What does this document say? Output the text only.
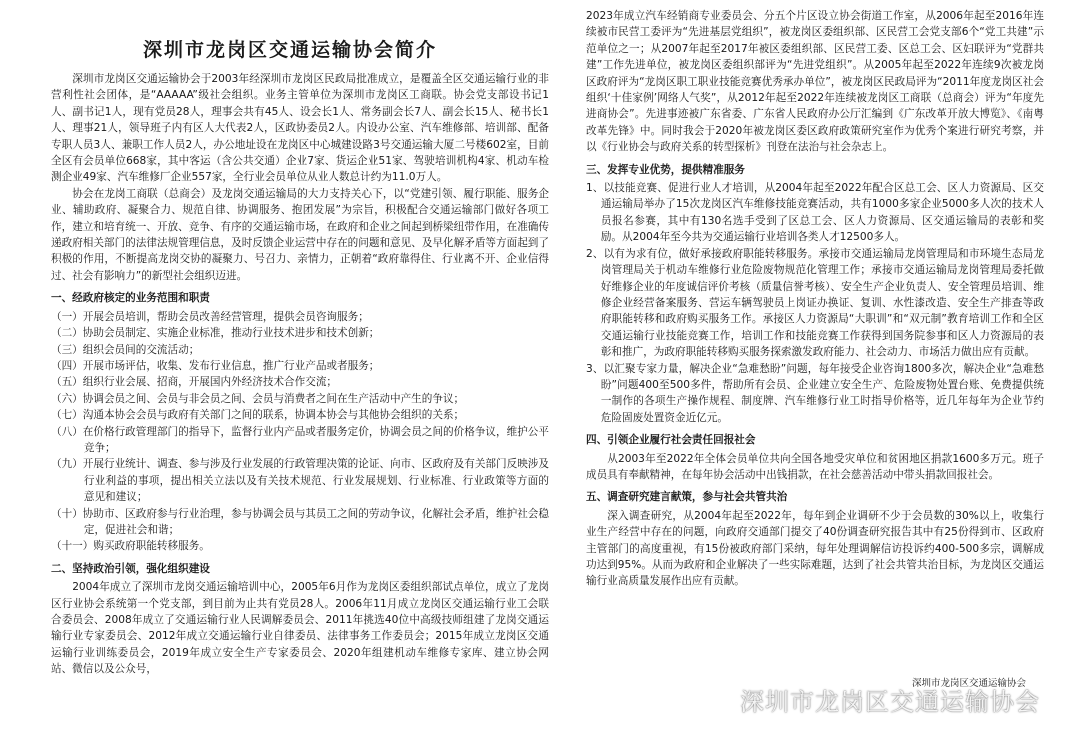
深圳市龙岗区交通运输协会简介

深圳市龙岗区交通运输协会于2003年经深圳市龙岗区民政局批准成立，是覆盖全区交通运输行业的非营利性社会团体，是“AAAAA”级社会组织。业务主管单位为深圳市龙岗区工商联。协会党支部设书记1人、副书记1人，现有党员28人，理事会共有45人、设会长1人、常务副会长7人、副会长15人、秘书长1人、理事21人，领导班子内有区人大代表2人，区政协委员2人。内设办公室、汽车维修部、培训部、配备专职人员3人、兼职工作人员2人，办公地址设在龙岗区中心城建设路3号交通运输大厦二号楼602室，目前全区有会员单位668家，其中客运（含公共交通）企业7家、货运企业51家、驾驶培训机构4家、机动车检测企业49家、汽车维修厂企业557家，全行业会员单位从业人数总计约为11.0万人。

协会在龙岗工商联（总商会）及龙岗交通运输局的大力支持关心下，以“党建引领、履行职能、服务企业、辅助政府、凝聚合力、规范自律、协调服务、抱团发展”为宗旨，积极配合交通运输部门做好各项工作，建立和培育统一、开放、竞争、有序的交通运输市场，在政府和企业之间起到桥梁纽带作用，在准确传递政府相关部门的法律法规管理信息，及时反馈企业运营中存在的问题和意见、及早化解矛盾等方面起到了积极的作用，不断提高龙岗交协的凝聚力、号召力、亲情力，正朝着“政府靠得住、行业离不开、企业信得过、社会有影响力”的新型社会组织迈进。

一、经政府核定的业务范围和职责

（一）开展会员培训，帮助会员改善经营管理，提供会员咨询服务；
（二）协助会员制定、实施企业标准，推动行业技术进步和技术创新；
（三）组织会员间的交流活动；
（四）开展市场评估，收集、发布行业信息，推广行业产品或者服务；
（五）组织行业会展、招商，开展国内外经济技术合作交流；
（六）协调会员之间、会员与非会员之间、会员与消费者之间在生产活动中产生的争议；
（七）沟通本协会会员与政府有关部门之间的联系，协调本协会与其他协会组织的关系；
（八）在价格行政管理部门的指导下，监督行业内产品或者服务定价，协调会员之间的价格争议，维护公平竞争；
（九）开展行业统计、调查、参与涉及行业发展的行政管理决策的论证、向市、区政府及有关部门反映涉及行业利益的事项，提出相关立法以及有关技术规范、行业发展规划、行业标准、行业政策等方面的意见和建议；
（十）协助市、区政府参与行业治理，参与协调会员与其员工之间的劳动争议，化解社会矛盾，维护社会稳定，促进社会和谐；
（十一）购买政府职能转移服务。

二、坚持政治引领，强化组织建设

2004年成立了深圳市龙岗交通运输培训中心，2005年6月作为龙岗区委组织部试点单位，成立了龙岗区行业协会系统第一个党支部，到目前为止共有党员28人。2006年11月成立龙岗区交通运输行业工会联合委员会、2008年成立了交通运输行业人民调解委员会、2011年挑选40位中高级技师组建了龙岗交通运输行业专家委员会、2012年成立交通运输行业自律委员、法律事务工作委员会；2015年成立龙岗区交通运输行业训练委员会，2019年成立安全生产专家委员会、2020年组建机动车维修专家库、建立协会网站、微信以及公众号，

2023年成立汽车经销商专业委员会、分五个片区设立协会街道工作室，从2006年起至2016年连续被市民营工委评为“先进基层党组织”，被龙岗区委组织部、区民营工会党支部6个“党工共建”示范单位之一；从2007年起至2017年被区委组织部、区民营工委、区总工会、区妇联评为“党群共建”工作先进单位，被龙岗区委组织部评为“先进党组织”。从2005年起至2022年连续9次被龙岗区政府评为“龙岗区职工职业技能竞赛优秀承办单位”，被龙岗区民政局评为“2011年度龙岗区社会组织‘十佳家例’网络人气奖”，从2012年起至2022年连续被龙岗区工商联（总商会）评为“年度先进商协会”。先进事迹被广东省委、广东省人民政府办公厅汇编到《广东改革开放大博览》、《南粤改革先锋》中。同时我会于2020年被龙岗区委区政府政策研究室作为优秀个案进行研究考察，并以《行业协会与政府关系的转型探析》刊登在法治与社会杂志上。

三、发挥专业优势，提供精准服务

1、以技能竞赛、促进行业人才培训，从2004年起至2022年配合区总工会、区人力资源局、区交通运输局举办了15次龙岗区汽车维修技能竞赛活动，共有1000多家企业5000多人次的技术人员报名参赛，其中有130名选手受到了区总工会、区人力资源局、区交通运输局的表彰和奖励。从2004年至今共为交通运输行业培训各类人才12500多人。
2、以有为求有位，做好承接政府职能转移服务。承接市交通运输局龙岗管理局和市环境生态局龙岗管理局关于机动车维修行业危险废物规范化管理工作；承接市交通运输局龙岗管理局委托做好维修企业的年度诚信评价考核（质量信誉考核）、安全生产企业负责人、安全管理员培训、维修企业经营备案服务、营运车辆驾驶员上岗证办换证、复训、水性漆改造、安全生产排查等政府职能转移和政府购买服务工作。承接区人力资源局“大职训”和“双元制”教育培训工作和全区交通运输行业技能竞赛工作，培训工作和技能竞赛工作获得到国务院参事和区人力资源局的表彰和推广，为政府职能转移购买服务探索激发政府能力、社会动力、市场活力做出应有贡献。
3、以汇聚专家力量，解决企业“急难愁盼”问题，每年接受企业咨询1800多次，解决企业“急难愁盼”问题400至500多件，帮助所有会员、企业建立安全生产、危险废物处置台账、免费提供统一制作的各项生产操作规程、制度牌、汽车维修行业工时指导价格等，近几年每年为企业节约危险固废处置资金近亿元。

四、引领企业履行社会责任回报社会

从2003年至2022年全体会员单位共向全国各地受灾单位和贫困地区捐款1600多万元。班子成员具有奉献精神，在每年协会活动中出钱捐款，在社会慈善活动中带头捐款回报社会。

五、调查研究建言献策，参与社会共管共治

深入调查研究，从2004年起至2022年，每年到企业调研不少于会员数的30%以上，收集行业生产经营中存在的问题，向政府交通部门提交了40份调查研究报告其中有25份得到市、区政府主管部门的高度重视，有15份被政府部门采纳，每年处理调解信访投诉约400-500多宗，调解成功达到95%。从而为政府和企业解决了一些实际难题，达到了社会共管共治目标，为龙岗区交通运输行业高质量发展作出应有贡献。

深圳市龙岗区交通运输协会
深圳市龙岗区交通运输协会
